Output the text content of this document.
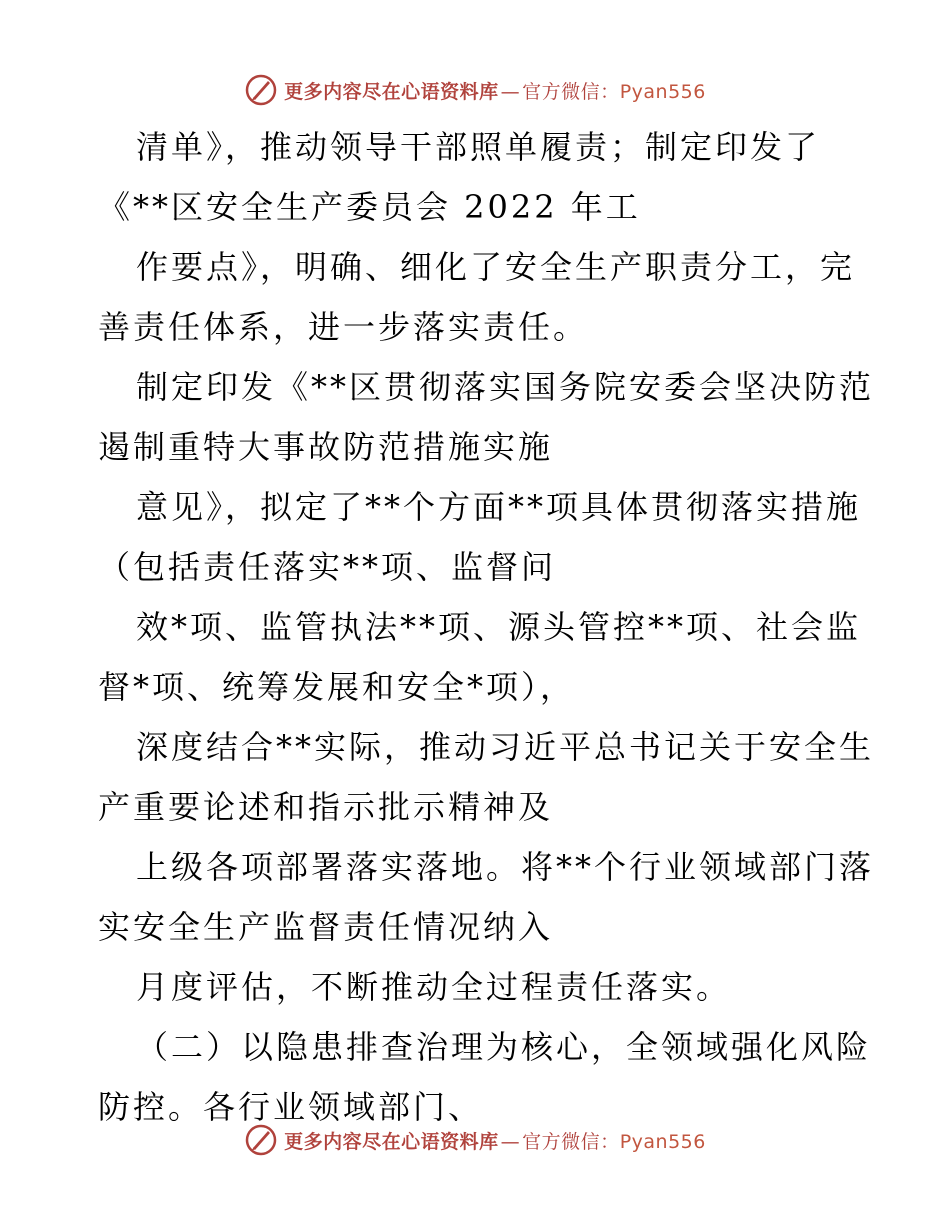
更多内容尽在心语资料库 — 官方微信：Pyan556
清单》，推动领导干部照单履责；制定印发了
《**区安全生产委员会 2022 年工
作要点》，明确、细化了安全生产职责分工，完
善责任体系，进一步落实责任。
制定印发《**区贯彻落实国务院安委会坚决防范
遏制重特大事故防范措施实施
意见》，拟定了**个方面**项具体贯彻落实措施
（包括责任落实**项、监督问
效*项、监管执法**项、源头管控**项、社会监
督*项、统筹发展和安全*项），
深度结合**实际，推动习近平总书记关于安全生
产重要论述和指示批示精神及
上级各项部署落实落地。将**个行业领域部门落
实安全生产监督责任情况纳入
月度评估，不断推动全过程责任落实。
（二）以隐患排查治理为核心，全领域强化风险
防控。各行业领域部门、
更多内容尽在心语资料库 — 官方微信：Pyan556
